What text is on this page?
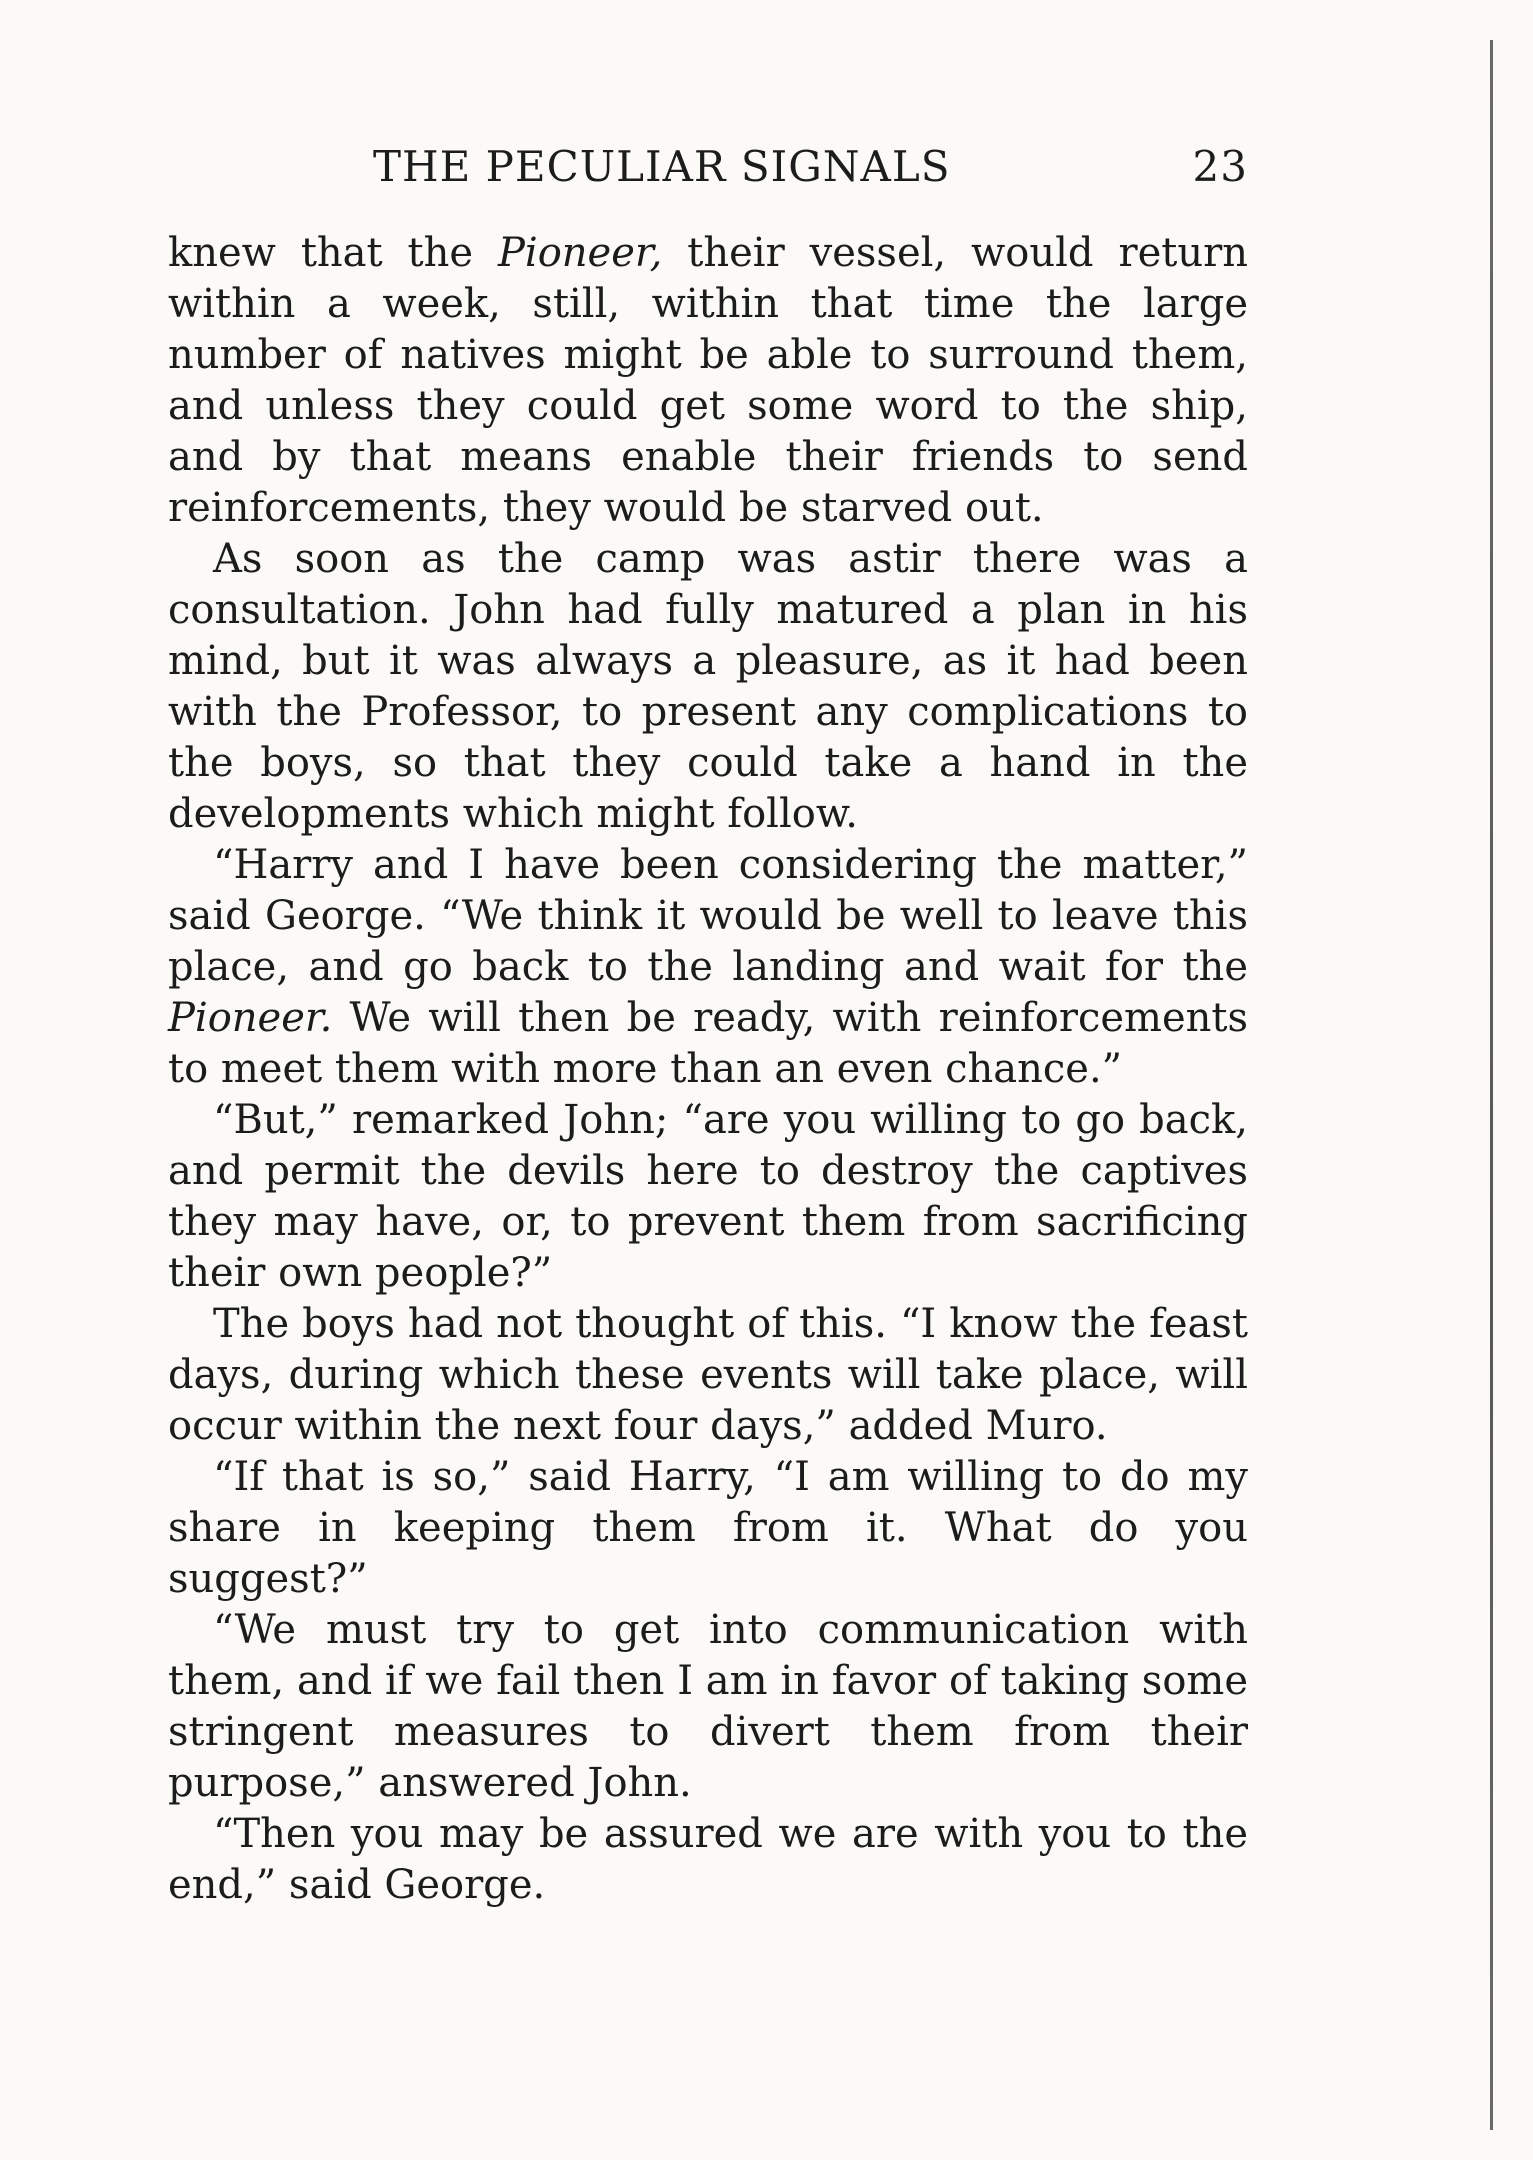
THE PECULIAR SIGNALS	23

knew that the Pioneer, their vessel, would return within a week, still, within that time the large number of natives might be able to surround them, and unless they could get some word to the ship, and by that means enable their friends to send reinforcements, they would be starved out.

As soon as the camp was astir there was a consultation. John had fully matured a plan in his mind, but it was always a pleasure, as it had been with the Professor, to present any complications to the boys, so that they could take a hand in the developments which might follow.

“Harry and I have been considering the matter,” said George. “We think it would be well to leave this place, and go back to the landing and wait for the Pioneer. We will then be ready, with reinforcements to meet them with more than an even chance.”

“But,” remarked John; “are you willing to go back, and permit the devils here to destroy the captives they may have, or, to prevent them from sacrificing their own people?”

The boys had not thought of this. “I know the feast days, during which these events will take place, will occur within the next four days,” added Muro.

“If that is so,” said Harry, “I am willing to do my share in keeping them from it. What do you suggest?”

“We must try to get into communication with them, and if we fail then I am in favor of taking some stringent measures to divert them from their purpose,” answered John.

“Then you may be assured we are with you to the end,” said George.
